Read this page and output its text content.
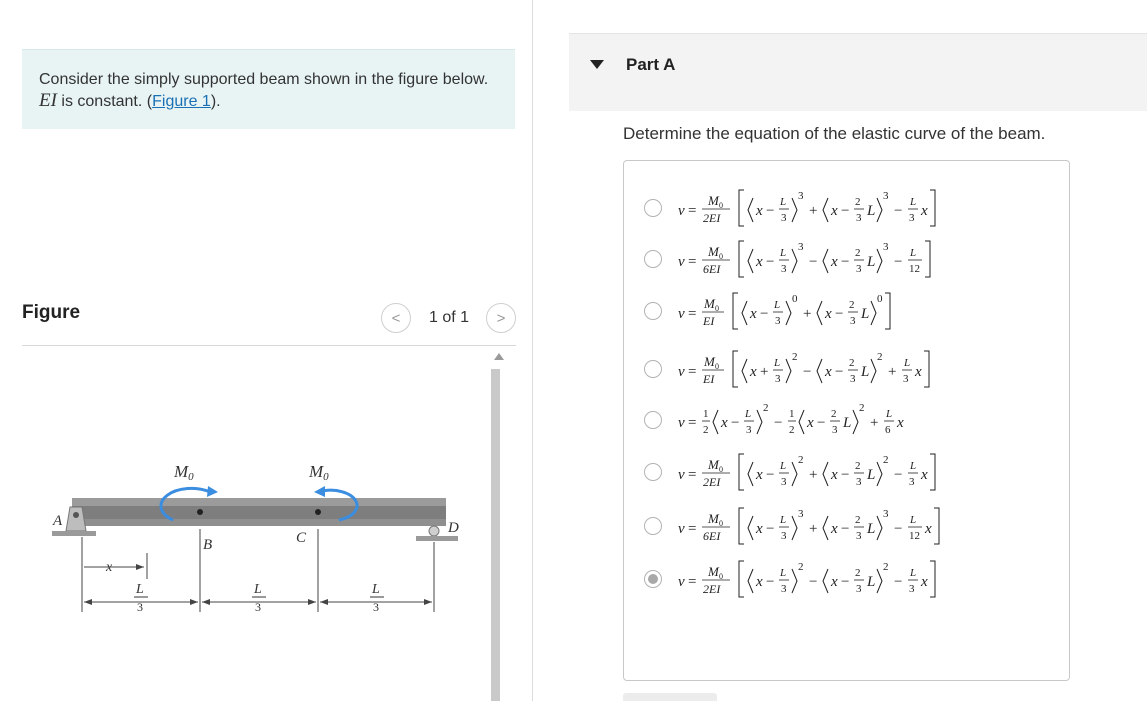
Consider the simply supported beam shown in the figure below. EI is constant. (Figure 1).
Figure	< 1 of 1 >
M0	M0
A
B	C
D
x
L
3
L
3
L
3
Part A
Determine the equation of the elastic curve of the beam.
v =
M 0
2EI x −
L
3
3
+ x −
2
3 L
3
−
L
3 x
v =
M 0
6EI x −
L
3
3
− x −
2
3 L
3
−
L
12
v =
M 0
EI x −
L
3
0
+ x −
2
3 L
0
v =
M 0
EI x +
L
3
2
− x −
2
3 L
2
+
L
3 x
v =
1
2 x −
L
3
2
−
1
2 x −
2
3 L
2
+
L
6 x
v =
M 0
2EI x −
L
3
2
+ x −
2
3 L
2
−
L
3 x
v =
M 0
6EI x −
L
3
3
+ x −
2
3 L
3
−
L
12 x
v =
M 0
2EI x −
L
3
2
− x −
2
3 L
2
−
L
3 x
